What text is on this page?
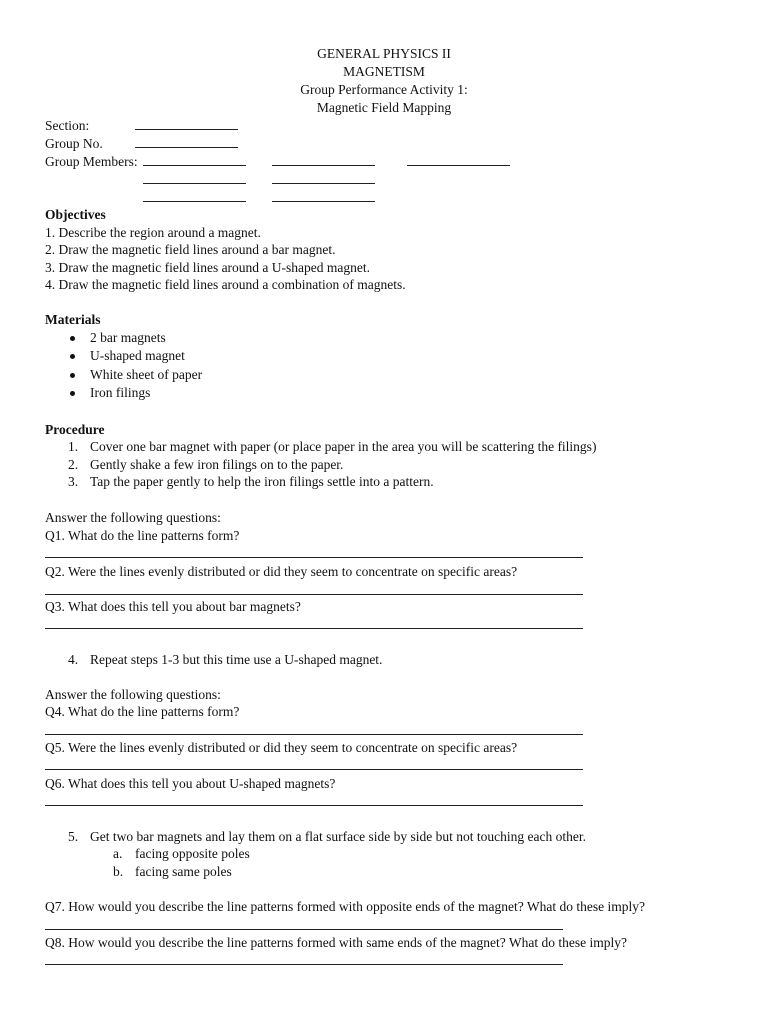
GENERAL PHYSICS II
MAGNETISM
Group Performance Activity 1:
Magnetic Field Mapping
Section:
Group No.
Group Members:
Objectives
1. Describe the region around a magnet.
2. Draw the magnetic field lines around a bar magnet.
3. Draw the magnetic field lines around a U-shaped magnet.
4. Draw the magnetic field lines around a combination of magnets.
Materials
2 bar magnets
U-shaped magnet
White sheet of paper
Iron filings
Procedure
1. Cover one bar magnet with paper (or place paper in the area you will be scattering the filings)
2. Gently shake a few iron filings on to the paper.
3. Tap the paper gently to help the iron filings settle into a pattern.
Answer the following questions:
Q1. What do the line patterns form?
Q2. Were the lines evenly distributed or did they seem to concentrate on specific areas?
Q3. What does this tell you about bar magnets?
4. Repeat steps 1-3 but this time use a U-shaped magnet.
Answer the following questions:
Q4. What do the line patterns form?
Q5. Were the lines evenly distributed or did they seem to concentrate on specific areas?
Q6. What does this tell you about U-shaped magnets?
5. Get two bar magnets and lay them on a flat surface side by side but not touching each other.
a. facing opposite poles
b. facing same poles
Q7. How would you describe the line patterns formed with opposite ends of the magnet? What do these imply?
Q8. How would you describe the line patterns formed with same ends of the magnet? What do these imply?
